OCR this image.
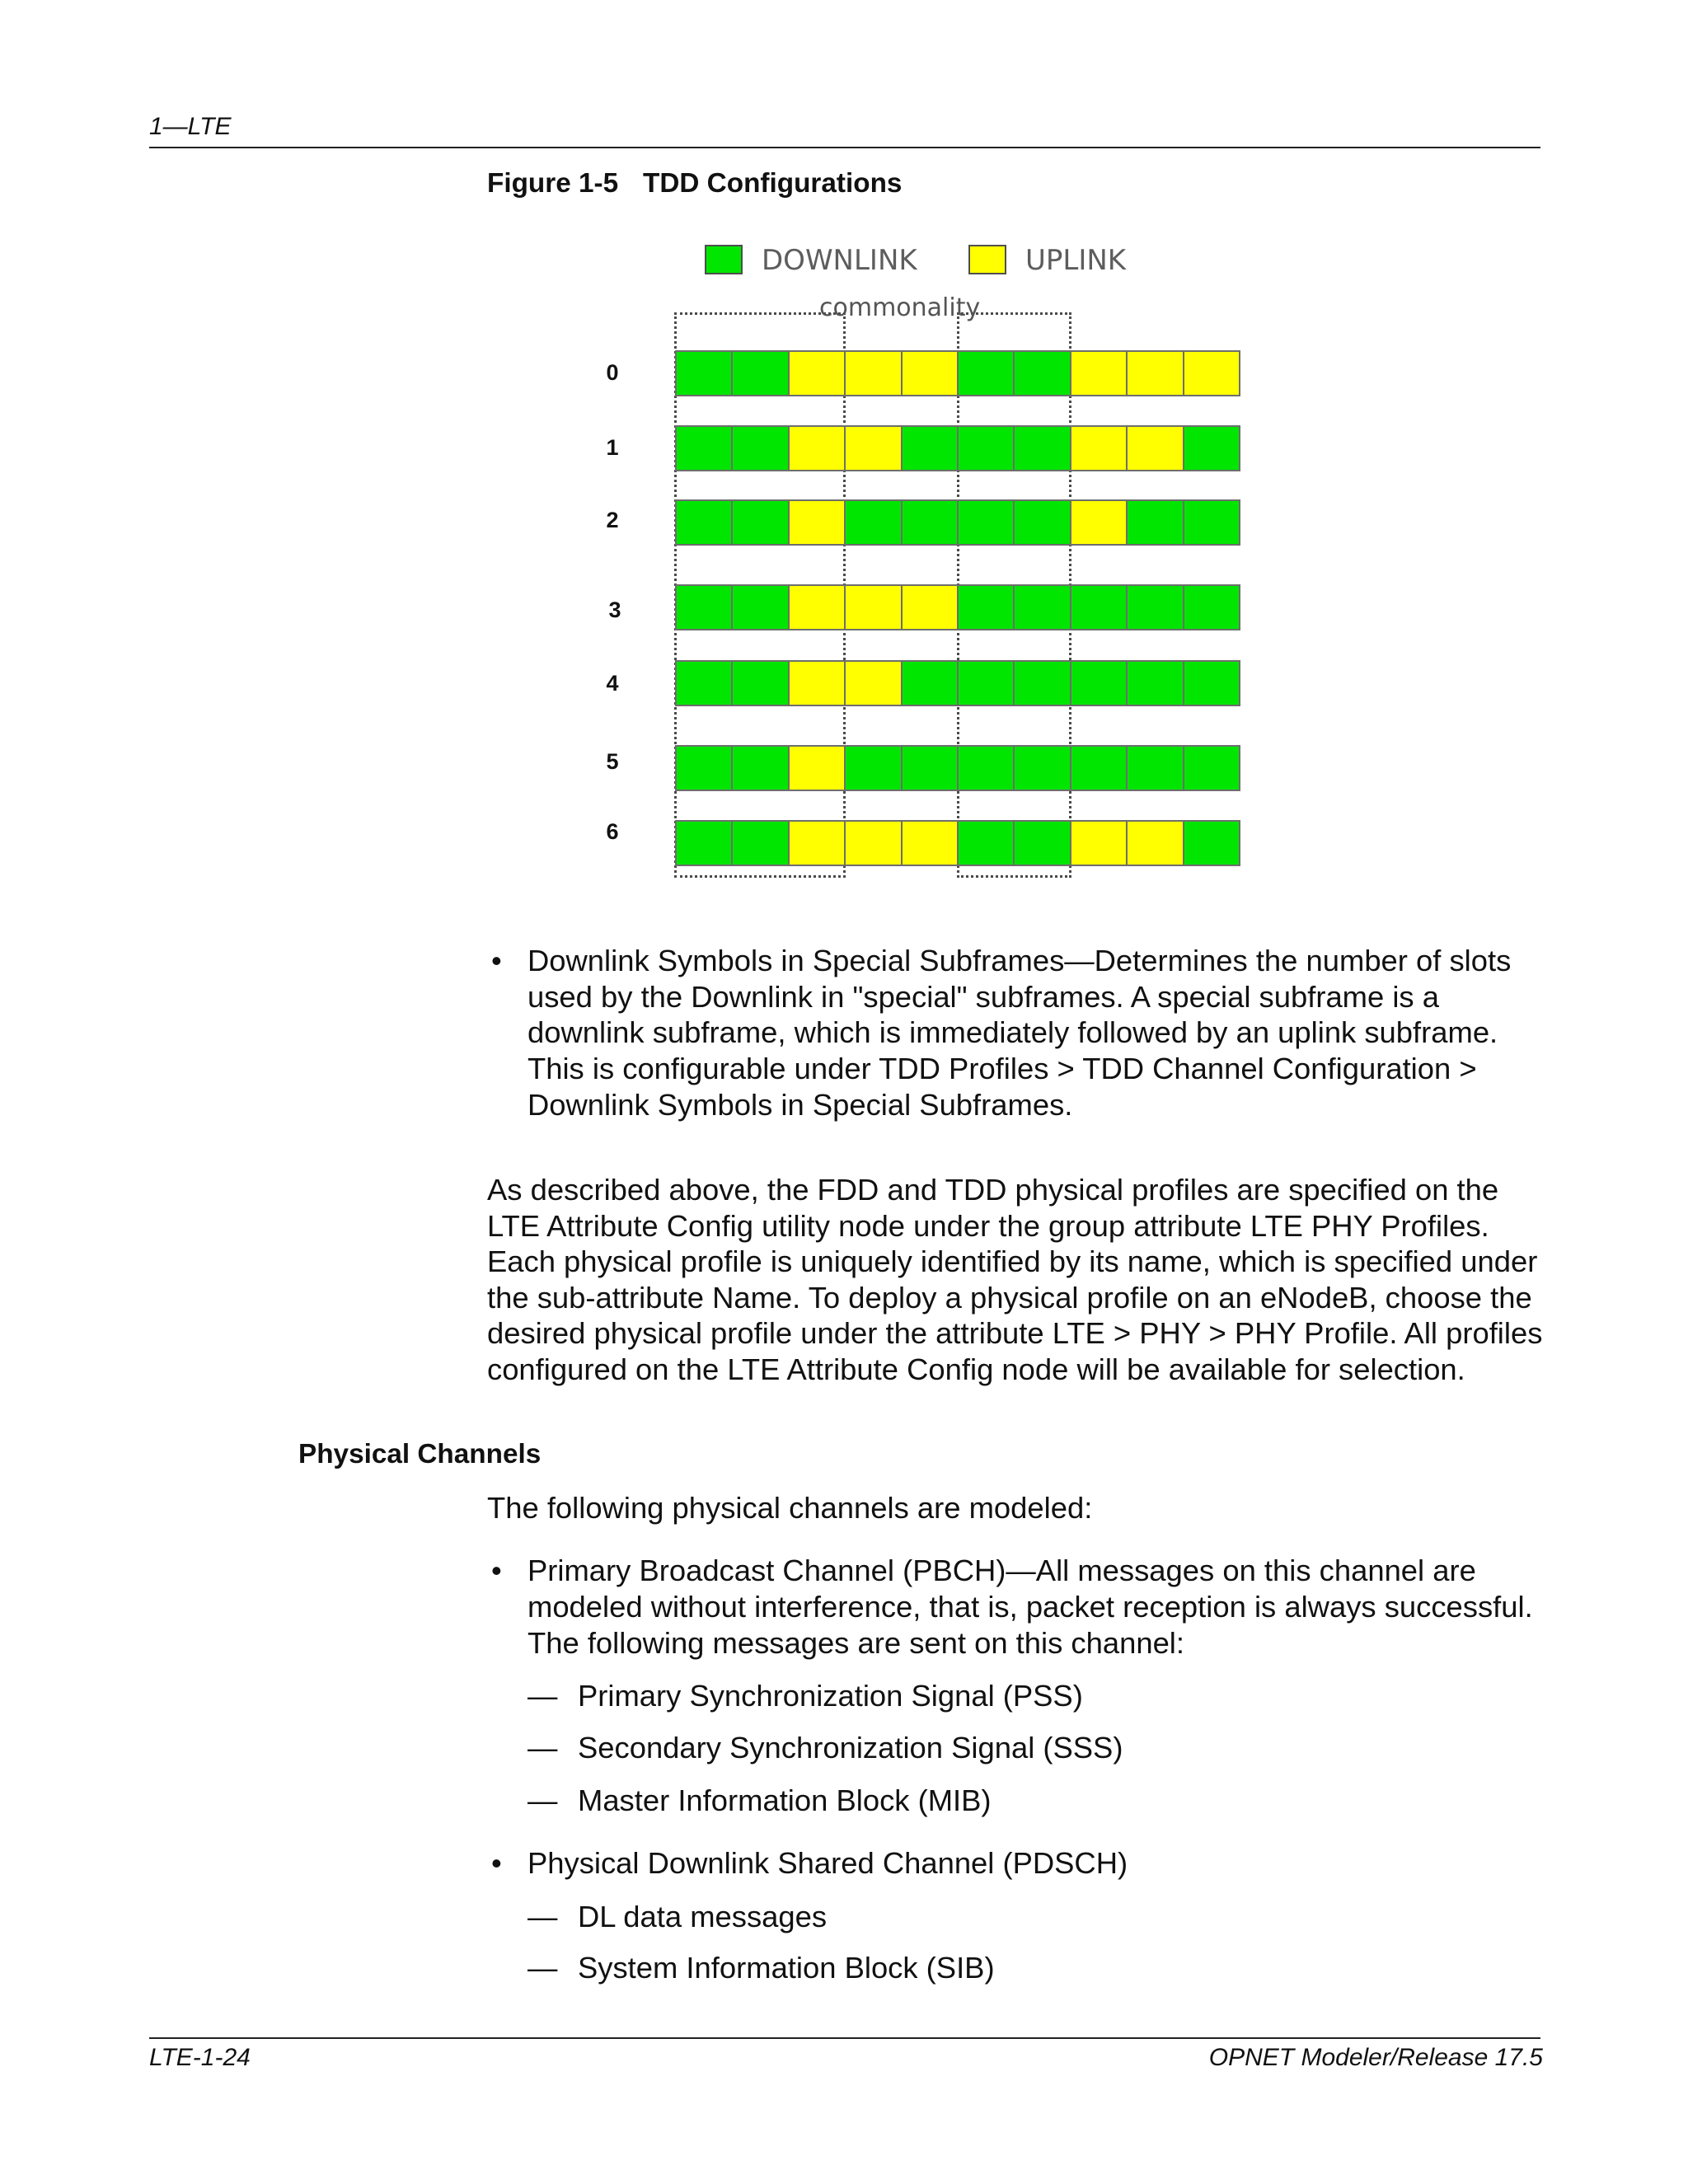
1—LTE
Figure 1-5 TDD Configurations
DOWNLINK	UPLINK
commonality
0
1
2
3
4
5
6
• Downlink Symbols in Special Subframes—Determines the number of slots
used by the Downlink in "special" subframes. A special subframe is a
downlink subframe, which is immediately followed by an uplink subframe.
This is configurable under TDD Profiles > TDD Channel Configuration >
Downlink Symbols in Special Subframes.
As described above, the FDD and TDD physical profiles are specified on the
LTE Attribute Config utility node under the group attribute LTE PHY Profiles.
Each physical profile is uniquely identified by its name, which is specified under
the sub-attribute Name. To deploy a physical profile on an eNodeB, choose the
desired physical profile under the attribute LTE > PHY > PHY Profile. All profiles
configured on the LTE Attribute Config node will be available for selection.
Physical Channels
The following physical channels are modeled:
• Primary Broadcast Channel (PBCH)—All messages on this channel are
modeled without interference, that is, packet reception is always successful.
The following messages are sent on this channel:
— Primary Synchronization Signal (PSS)
— Secondary Synchronization Signal (SSS)
— Master Information Block (MIB)
• Physical Downlink Shared Channel (PDSCH)
— DL data messages
— System Information Block (SIB)
LTE-1-24	OPNET Modeler/Release 17.5
